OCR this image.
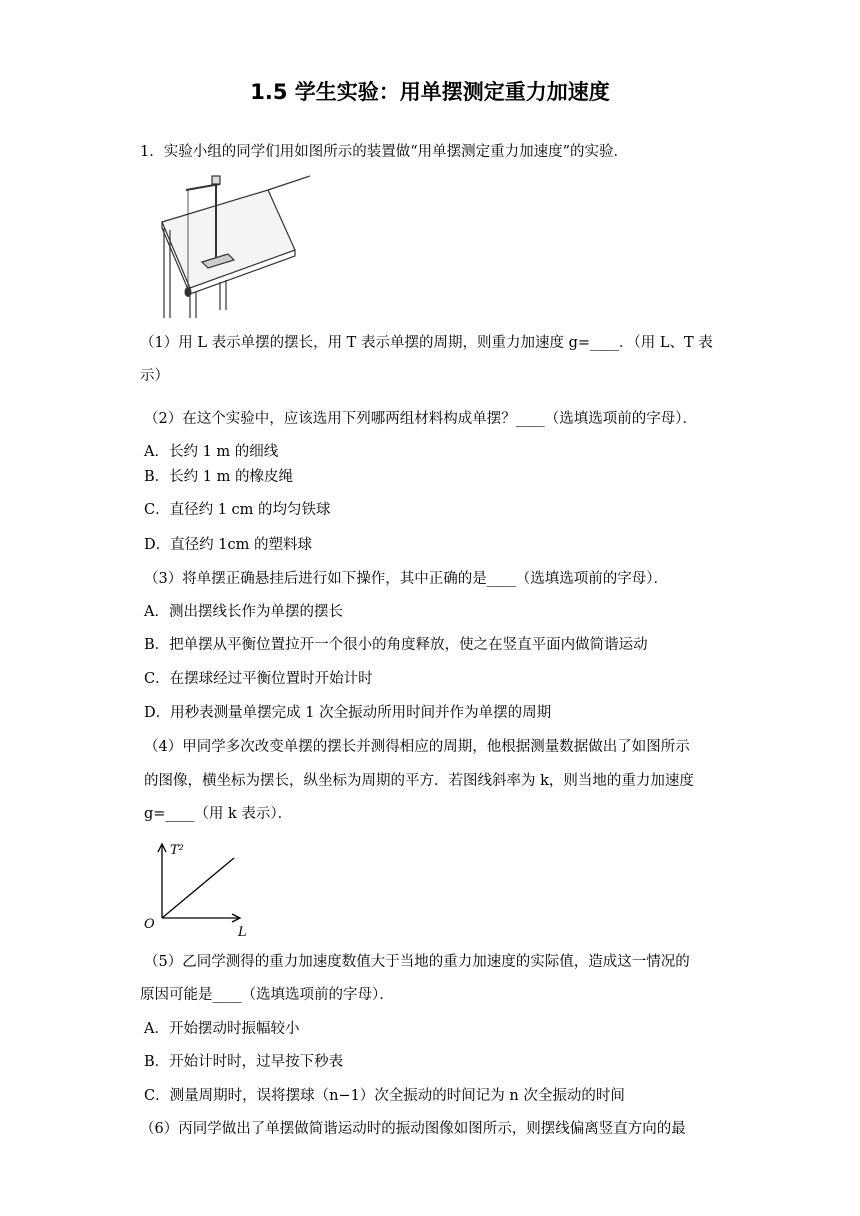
1.5 学生实验：用单摆测定重力加速度
1．实验小组的同学们用如图所示的装置做“用单摆测定重力加速度”的实验．
（1）用 L 表示单摆的摆长，用 T 表示单摆的周期，则重力加速度 g=____．（用 L、T 表
示）
（2）在这个实验中，应该选用下列哪两组材料构成单摆？____（选填选项前的字母）．
A．长约 1 m 的细线
B．长约 1 m 的橡皮绳
C．直径约 1 cm 的均匀铁球
D．直径约 1cm 的塑料球
（3）将单摆正确悬挂后进行如下操作，其中正确的是____（选填选项前的字母）．
A．测出摆线长作为单摆的摆长
B．把单摆从平衡位置拉开一个很小的角度释放，使之在竖直平面内做简谐运动
C．在摆球经过平衡位置时开始计时
D．用秒表测量单摆完成 1 次全振动所用时间并作为单摆的周期
（4）甲同学多次改变单摆的摆长并测得相应的周期，他根据测量数据做出了如图所示
的图像，横坐标为摆长，纵坐标为周期的平方．若图线斜率为 k，则当地的重力加速度
g=____（用 k 表示）．
T²
L
O
（5）乙同学测得的重力加速度数值大于当地的重力加速度的实际值，造成这一情况的
原因可能是____（选填选项前的字母）．
A．开始摆动时振幅较小
B．开始计时时，过早按下秒表
C．测量周期时，误将摆球（n−1）次全振动的时间记为 n 次全振动的时间
（6）丙同学做出了单摆做简谐运动时的振动图像如图所示，则摆线偏离竖直方向的最
